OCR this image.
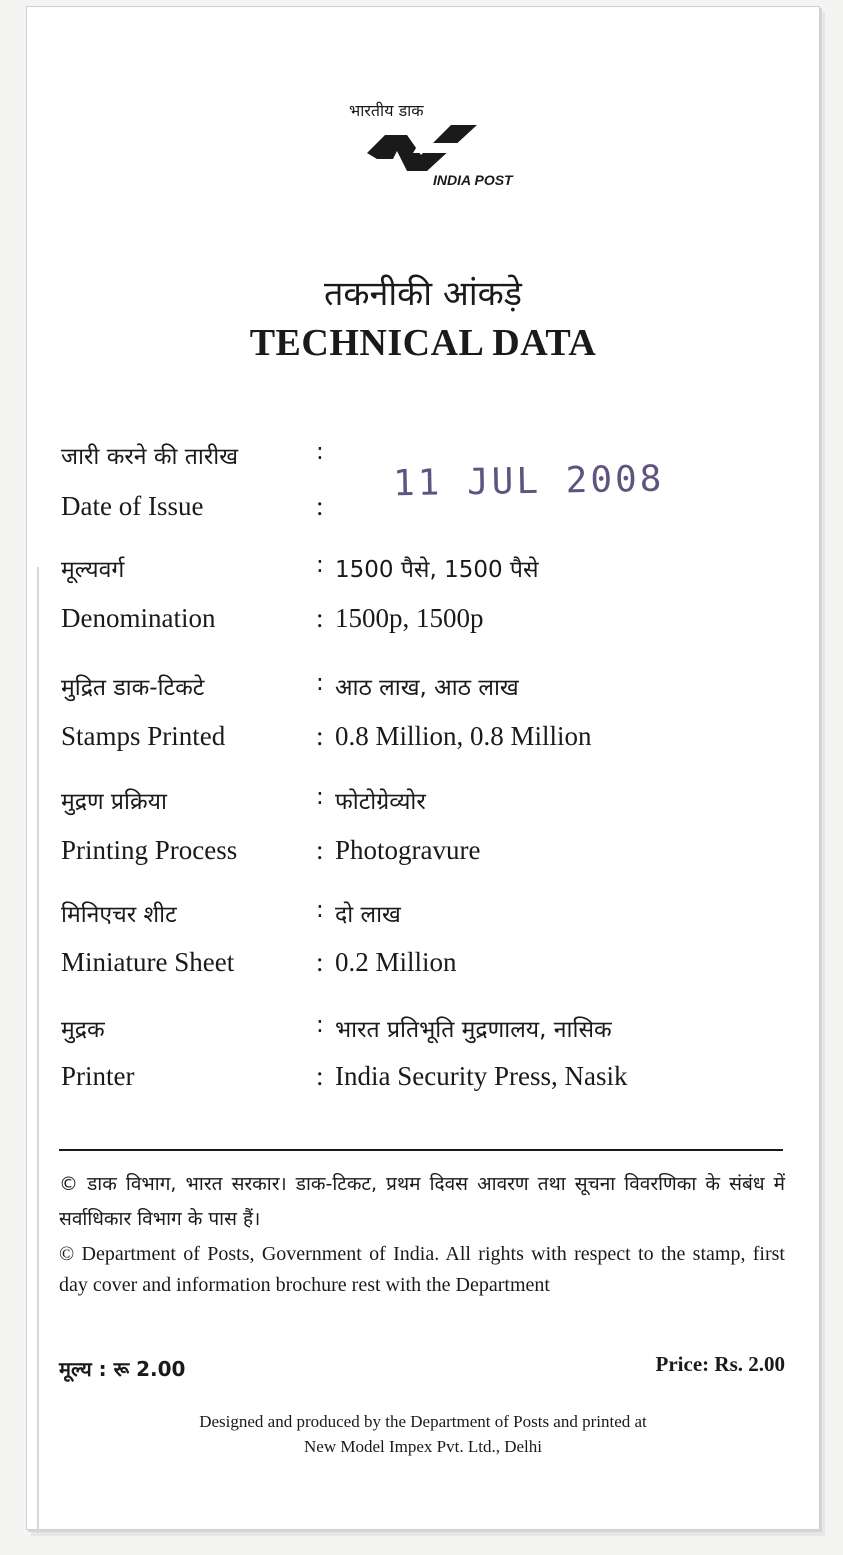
भारतीय डाक
INDIA POST
तकनीकी आंकड़े
TECHNICAL DATA
जारी करने की तारीख	:
Date of Issue	:
11 JUL 2008
मूल्यवर्ग	: 1500 पैसे, 1500 पैसे
Denomination	: 1500p, 1500p
मुद्रित डाक-टिकटे	: आठ लाख, आठ लाख
Stamps Printed	: 0.8 Million, 0.8 Million
मुद्रण प्रक्रिया	: फोटोग्रेव्योर
Printing Process	: Photogravure
मिनिएचर शीट	: दो लाख
Miniature Sheet	: 0.2 Million
मुद्रक	: भारत प्रतिभूति मुद्रणालय, नासिक
Printer	: India Security Press, Nasik
© डाक विभाग, भारत सरकार। डाक-टिकट, प्रथम दिवस आवरण तथा सूचना विवरणिका के संबंध में सर्वाधिकार विभाग के पास हैं।
© Department of Posts, Government of India. All rights with respect to the stamp, first day cover and information brochure rest with the Department
मूल्य : रू 2.00	Price: Rs. 2.00
Designed and produced by the Department of Posts and printed at
New Model Impex Pvt. Ltd., Delhi
